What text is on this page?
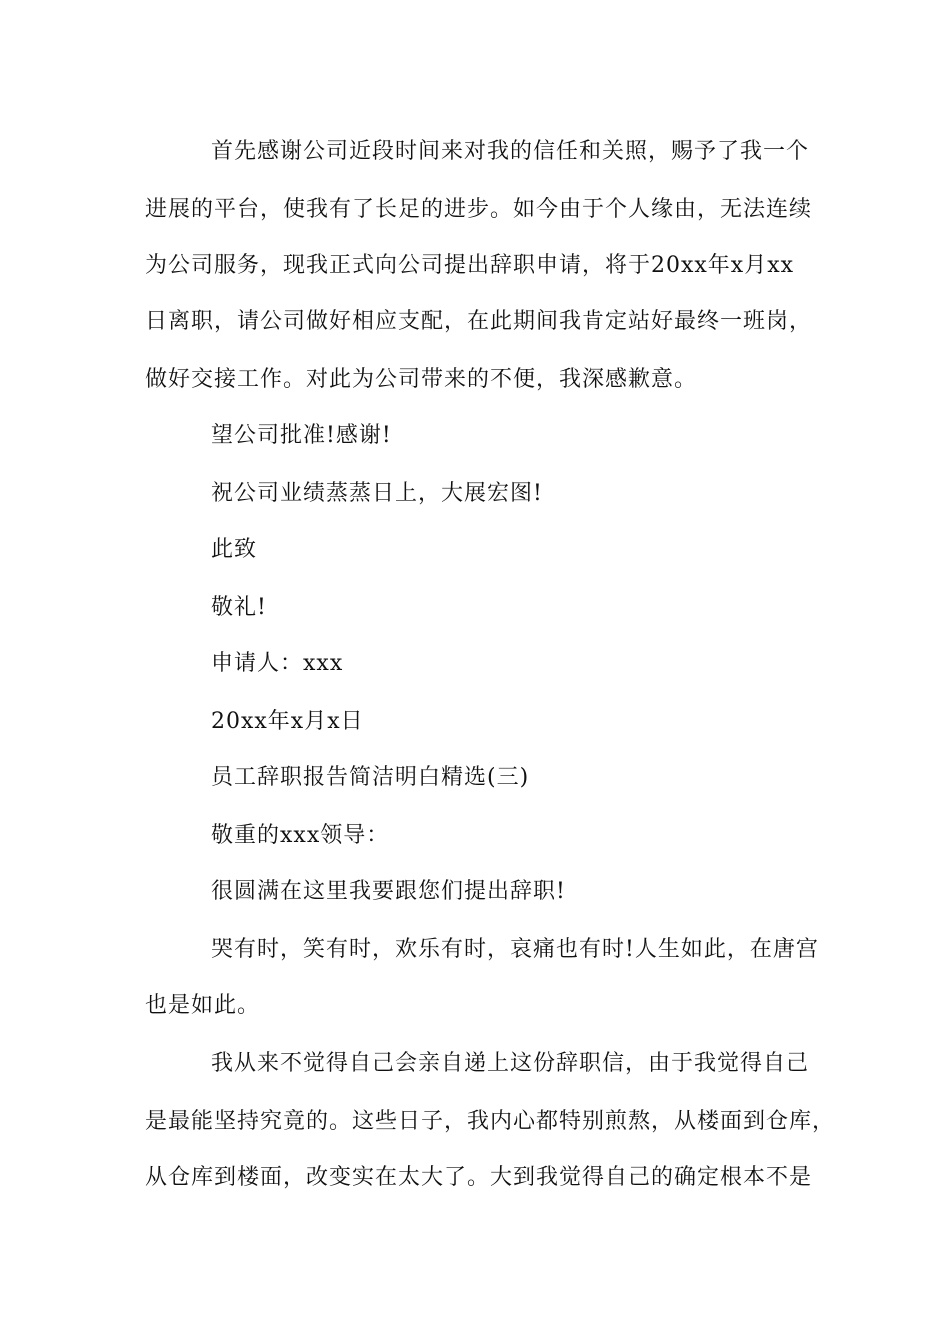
首先感谢公司近段时间来对我的信任和关照，赐予了我一个
进展的平台，使我有了长足的进步。如今由于个人缘由，无法连续
为公司服务，现我正式向公司提出辞职申请，将于20xx年x月xx
日离职，请公司做好相应支配，在此期间我肯定站好最终一班岗，
做好交接工作。对此为公司带来的不便，我深感歉意。
望公司批准!感谢!
祝公司业绩蒸蒸日上，大展宏图!
此致
敬礼!
申请人：xxx
20xx年x月x日
员工辞职报告简洁明白精选(三)
敬重的xxx领导：
很圆满在这里我要跟您们提出辞职!
哭有时，笑有时，欢乐有时，哀痛也有时!人生如此，在唐宫
也是如此。
我从来不觉得自己会亲自递上这份辞职信，由于我觉得自己
是最能坚持究竟的。这些日子，我内心都特别煎熬，从楼面到仓库，
从仓库到楼面，改变实在太大了。大到我觉得自己的确定根本不是
